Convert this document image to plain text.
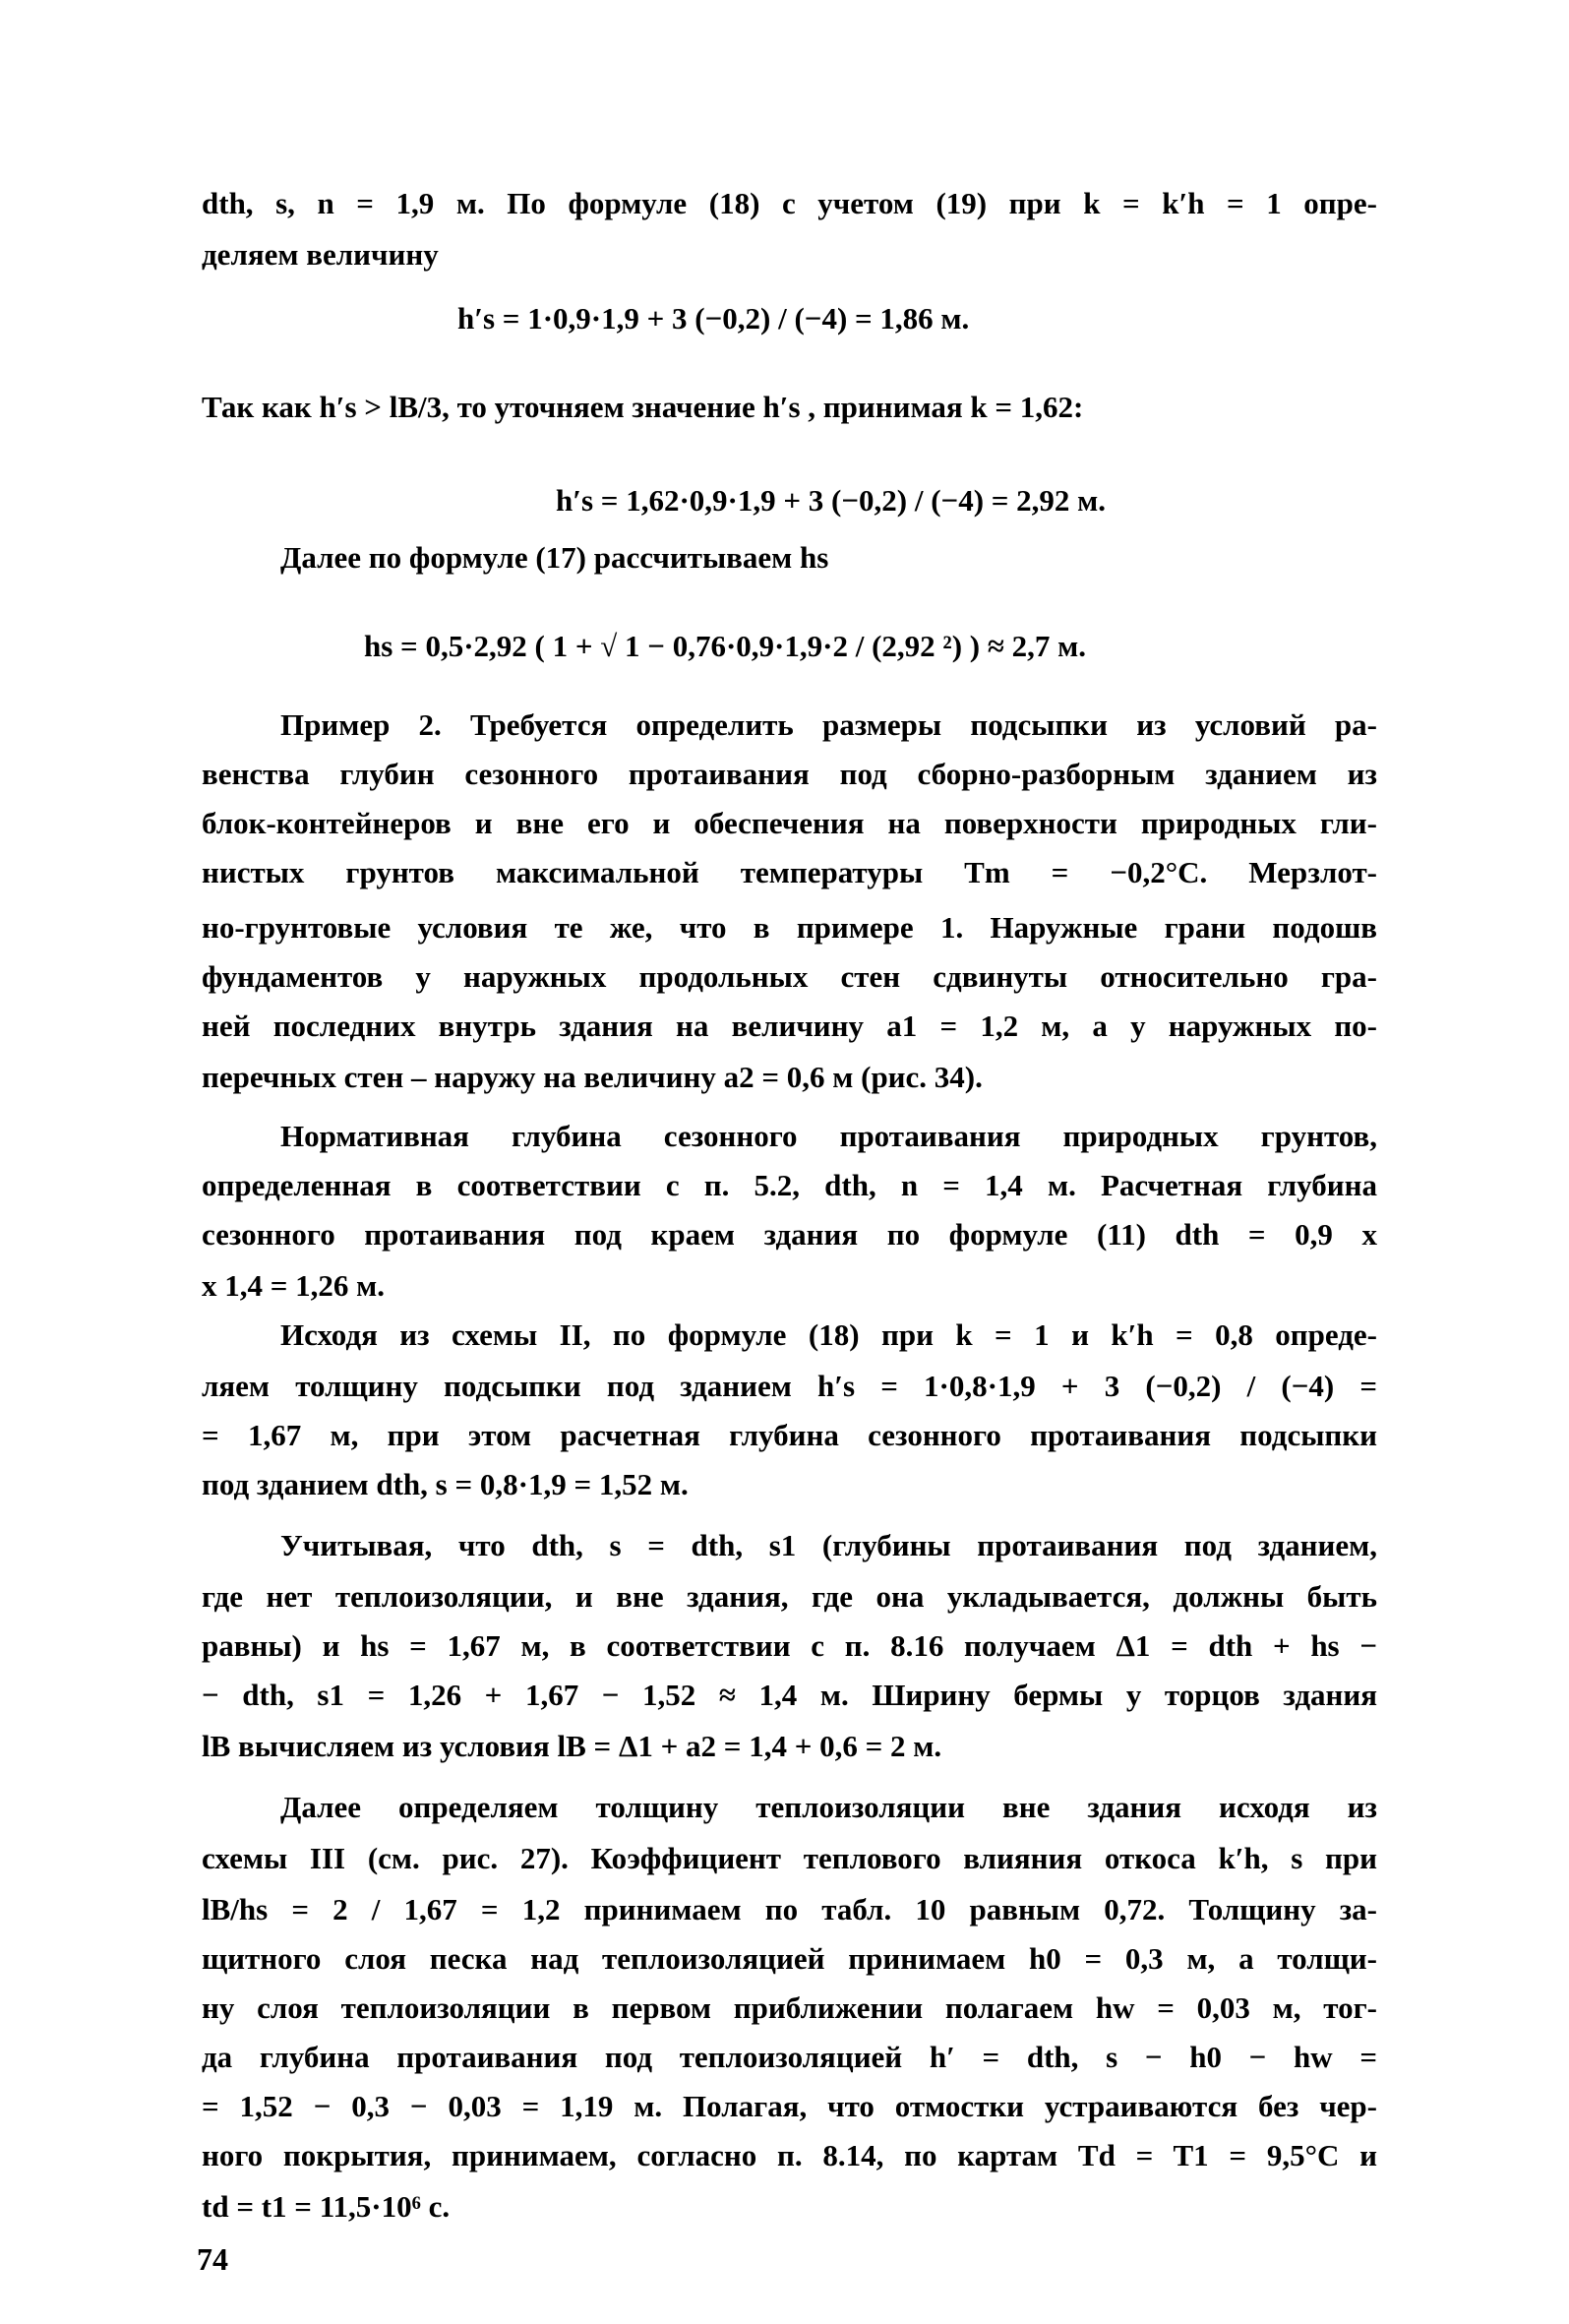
dth, s, n = 1,9 м. По формуле (18) с учетом (19) при k = k′h = 1 опре-
деляем величину
h′s = 1·0,9·1,9 + 3 (−0,2) / (−4) = 1,86 м.
Так как h′s > lB/3, то уточняем значение h′s , принимая k = 1,62:
h′s = 1,62·0,9·1,9 + 3 (−0,2) / (−4) = 2,92 м.
Далее по формуле (17) рассчитываем hs
hs = 0,5·2,92 ( 1 + √ 1 − 0,76·0,9·1,9·2 / (2,92 ²) ) ≈ 2,7 м.
Пример 2. Требуется определить размеры подсыпки из условий ра-
венства глубин сезонного протаивания под сборно-разборным зданием из
блок-контейнеров и вне его и обеспечения на поверхности природных гли-
нистых грунтов максимальной температуры Tm = −0,2°С. Мерзлот-
но-грунтовые условия те же, что в примере 1. Наружные грани подошв
фундаментов у наружных продольных стен сдвинуты относительно гра-
ней последних внутрь здания на величину a1 = 1,2 м, а у наружных по-
перечных стен – наружу на величину a2 = 0,6 м (рис. 34).
Нормативная глубина сезонного протаивания природных грунтов,
определенная в соответствии с п. 5.2, dth, n = 1,4 м. Расчетная глубина
сезонного протаивания под краем здания по формуле (11) dth = 0,9 х
х 1,4 = 1,26 м.
Исходя из схемы II, по формуле (18) при k = 1 и k′h = 0,8 опреде-
ляем толщину подсыпки под зданием h′s = 1·0,8·1,9 + 3 (−0,2) / (−4) =
= 1,67 м, при этом расчетная глубина сезонного протаивания подсыпки
под зданием dth, s = 0,8·1,9 = 1,52 м.
Учитывая, что dth, s = dth, s1 (глубины протаивания под зданием,
где нет теплоизоляции, и вне здания, где она укладывается, должны быть
равны) и hs = 1,67 м, в соответствии с п. 8.16 получаем Δ1 = dth + hs −
− dth, s1 = 1,26 + 1,67 − 1,52 ≈ 1,4 м. Ширину бермы у торцов здания
lB вычисляем из условия lB = Δ1 + a2 = 1,4 + 0,6 = 2 м.
Далее определяем толщину теплоизоляции вне здания исходя из
схемы III (см. рис. 27). Коэффициент теплового влияния откоса k′h, s при
lB/hs = 2 / 1,67 = 1,2 принимаем по табл. 10 равным 0,72. Толщину за-
щитного слоя песка над теплоизоляцией принимаем h0 = 0,3 м, а толщи-
ну слоя теплоизоляции в первом приближении полагаем hw = 0,03 м, тог-
да глубина протаивания под теплоизоляцией h′ = dth, s − h0 − hw =
= 1,52 − 0,3 − 0,03 = 1,19 м. Полагая, что отмостки устраиваются без чер-
ного покрытия, принимаем, согласно п. 8.14, по картам Td = T1 = 9,5°С и
td = t1 = 11,5·10⁶ с.
74
